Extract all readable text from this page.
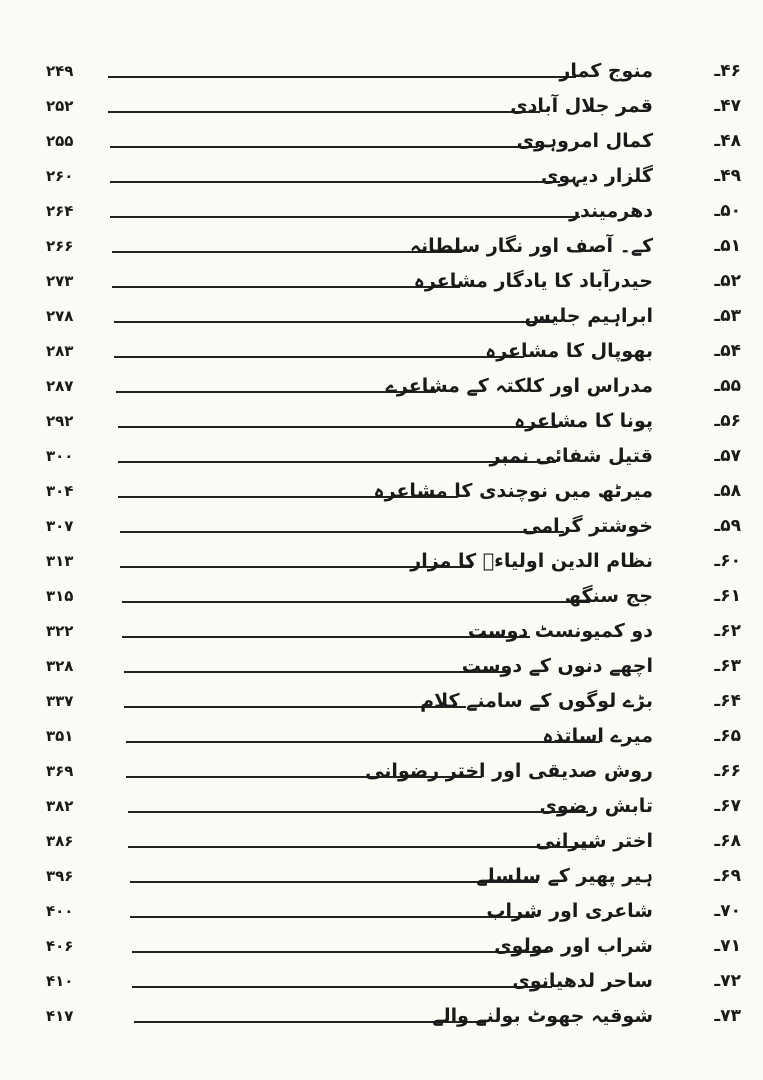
۲۴۹	منوج کمار	۴۶ـ
۲۵۲	قمر جلال آبادی	۴۷ـ
۲۵۵	کمال امروہوی	۴۸ـ
۲۶۰	گلزار دیہوی	۴۹ـ
۲۶۴	دھرمیندر	۵۰ـ
۲۶۶	کے۔ آصف اور نگار سلطانہ	۵۱ـ
۲۷۳	حیدرآباد کا یادگار مشاعرہ	۵۲ـ
۲۷۸	ابراہیم جلیس	۵۳ـ
۲۸۳	بھوپال کا مشاعرہ	۵۴ـ
۲۸۷	مدراس اور کلکتہ کے مشاعرے	۵۵ـ
۲۹۲	پونا کا مشاعرہ	۵۶ـ
۳۰۰	قتیل شفائی نمبر	۵۷ـ
۳۰۴	میرٹھ میں نوچندی کا مشاعرہ	۵۸ـ
۳۰۷	خوشتر گرامی	۵۹ـ
۳۱۳	نظام الدین اولیاءؒ کا مزار	۶۰ـ
۳۱۵	جج سنگھ	۶۱ـ
۳۲۲	دو کمیونسٹ دوست	۶۲ـ
۳۲۸	اچھے دنوں کے دوست	۶۳ـ
۳۳۷	بڑے لوگوں کے سامنے کلام	۶۴ـ
۳۵۱	میرے اساتذہ	۶۵ـ
۳۶۹	روش صدیقی اور اختر رضوانی	۶۶ـ
۳۸۲	تابش رضوی	۶۷ـ
۳۸۶	اختر شیرانی	۶۸ـ
۳۹۶	ہیر پھیر کے سلسلے	۶۹ـ
۴۰۰	شاعری اور شراب	۷۰ـ
۴۰۶	شراب اور مولوی	۷۱ـ
۴۱۰	ساحر لدھیانوی	۷۲ـ
۴۱۷	شوقیہ جھوٹ بولنے والے	۷۳ـ
